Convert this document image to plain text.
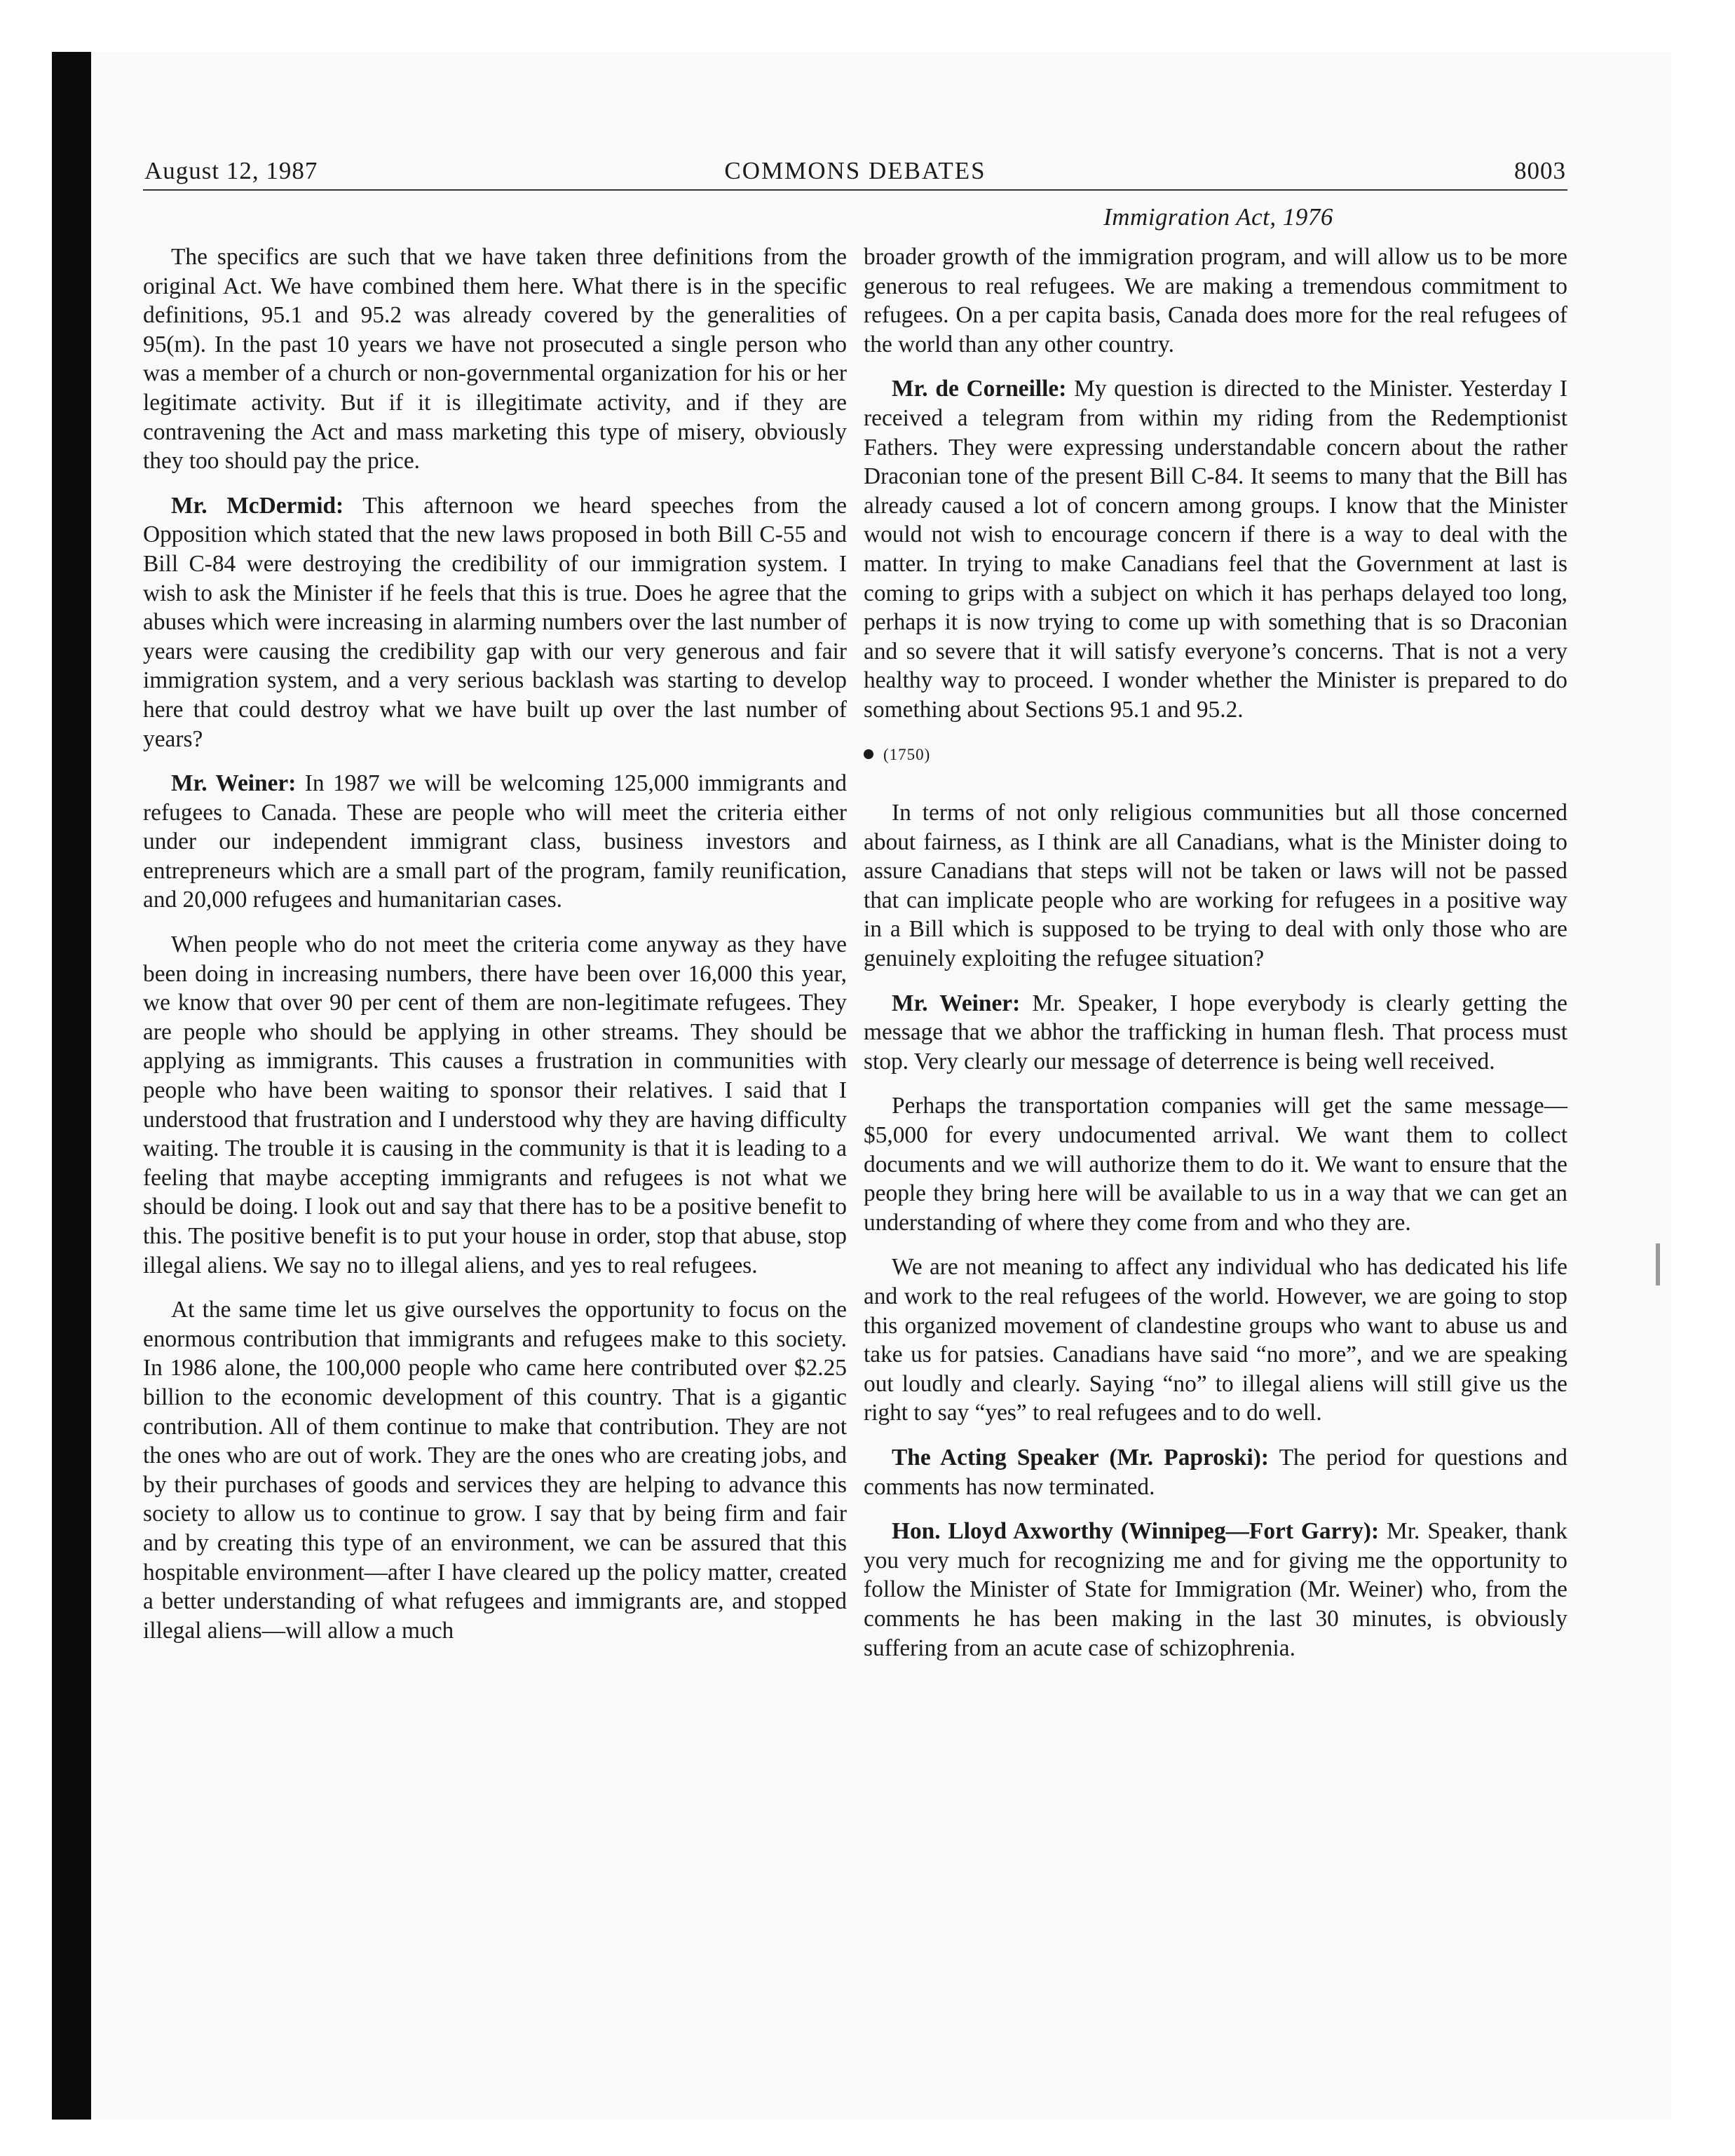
August 12, 1987	COMMONS DEBATES	8003
Immigration Act, 1976

The specifics are such that we have taken three definitions from the original Act. We have combined them here. What there is in the specific definitions, 95.1 and 95.2 was already covered by the generalities of 95(m). In the past 10 years we have not prosecuted a single person who was a member of a church or non-governmental organization for his or her legitimate activity. But if it is illegitimate activity, and if they are contravening the Act and mass marketing this type of misery, obviously they too should pay the price.

Mr. McDermid: This afternoon we heard speeches from the Opposition which stated that the new laws proposed in both Bill C-55 and Bill C-84 were destroying the credibility of our immigration system. I wish to ask the Minister if he feels that this is true. Does he agree that the abuses which were increasing in alarming numbers over the last number of years were causing the credibility gap with our very generous and fair immigration system, and a very serious backlash was starting to develop here that could destroy what we have built up over the last number of years?

Mr. Weiner: In 1987 we will be welcoming 125,000 immigrants and refugees to Canada. These are people who will meet the criteria either under our independent immigrant class, business investors and entrepreneurs which are a small part of the program, family reunification, and 20,000 refugees and humanitarian cases.

When people who do not meet the criteria come anyway as they have been doing in increasing numbers, there have been over 16,000 this year, we know that over 90 per cent of them are non-legitimate refugees. They are people who should be applying in other streams. They should be applying as immigrants. This causes a frustration in communities with people who have been waiting to sponsor their relatives. I said that I understood that frustration and I understood why they are having difficulty waiting. The trouble it is causing in the community is that it is leading to a feeling that maybe accepting immigrants and refugees is not what we should be doing. I look out and say that there has to be a positive benefit to this. The positive benefit is to put your house in order, stop that abuse, stop illegal aliens. We say no to illegal aliens, and yes to real refugees.

At the same time let us give ourselves the opportunity to focus on the enormous contribution that immigrants and refugees make to this society. In 1986 alone, the 100,000 people who came here contributed over $2.25 billion to the economic development of this country. That is a gigantic contribution. All of them continue to make that contribution. They are not the ones who are out of work. They are the ones who are creating jobs, and by their purchases of goods and services they are helping to advance this society to allow us to continue to grow. I say that by being firm and fair and by creating this type of an environment, we can be assured that this hospitable environment—after I have cleared up the policy matter, created a better understanding of what refugees and immigrants are, and stopped illegal aliens—will allow a much

broader growth of the immigration program, and will allow us to be more generous to real refugees. We are making a tremendous commitment to refugees. On a per capita basis, Canada does more for the real refugees of the world than any other country.

Mr. de Corneille: My question is directed to the Minister. Yesterday I received a telegram from within my riding from the Redemptionist Fathers. They were expressing understandable concern about the rather Draconian tone of the present Bill C-84. It seems to many that the Bill has already caused a lot of concern among groups. I know that the Minister would not wish to encourage concern if there is a way to deal with the matter. In trying to make Canadians feel that the Government at last is coming to grips with a subject on which it has perhaps delayed too long, perhaps it is now trying to come up with something that is so Draconian and so severe that it will satisfy everyone’s concerns. That is not a very healthy way to proceed. I wonder whether the Minister is prepared to do something about Sections 95.1 and 95.2.

(1750)

In terms of not only religious communities but all those concerned about fairness, as I think are all Canadians, what is the Minister doing to assure Canadians that steps will not be taken or laws will not be passed that can implicate people who are working for refugees in a positive way in a Bill which is supposed to be trying to deal with only those who are genuinely exploiting the refugee situation?

Mr. Weiner: Mr. Speaker, I hope everybody is clearly getting the message that we abhor the trafficking in human flesh. That process must stop. Very clearly our message of deterrence is being well received.

Perhaps the transportation companies will get the same message—$5,000 for every undocumented arrival. We want them to collect documents and we will authorize them to do it. We want to ensure that the people they bring here will be available to us in a way that we can get an understanding of where they come from and who they are.

We are not meaning to affect any individual who has dedicated his life and work to the real refugees of the world. However, we are going to stop this organized movement of clandestine groups who want to abuse us and take us for patsies. Canadians have said “no more”, and we are speaking out loudly and clearly. Saying “no” to illegal aliens will still give us the right to say “yes” to real refugees and to do well.

The Acting Speaker (Mr. Paproski): The period for questions and comments has now terminated.

Hon. Lloyd Axworthy (Winnipeg—Fort Garry): Mr. Speaker, thank you very much for recognizing me and for giving me the opportunity to follow the Minister of State for Immigration (Mr. Weiner) who, from the comments he has been making in the last 30 minutes, is obviously suffering from an acute case of schizophrenia.
